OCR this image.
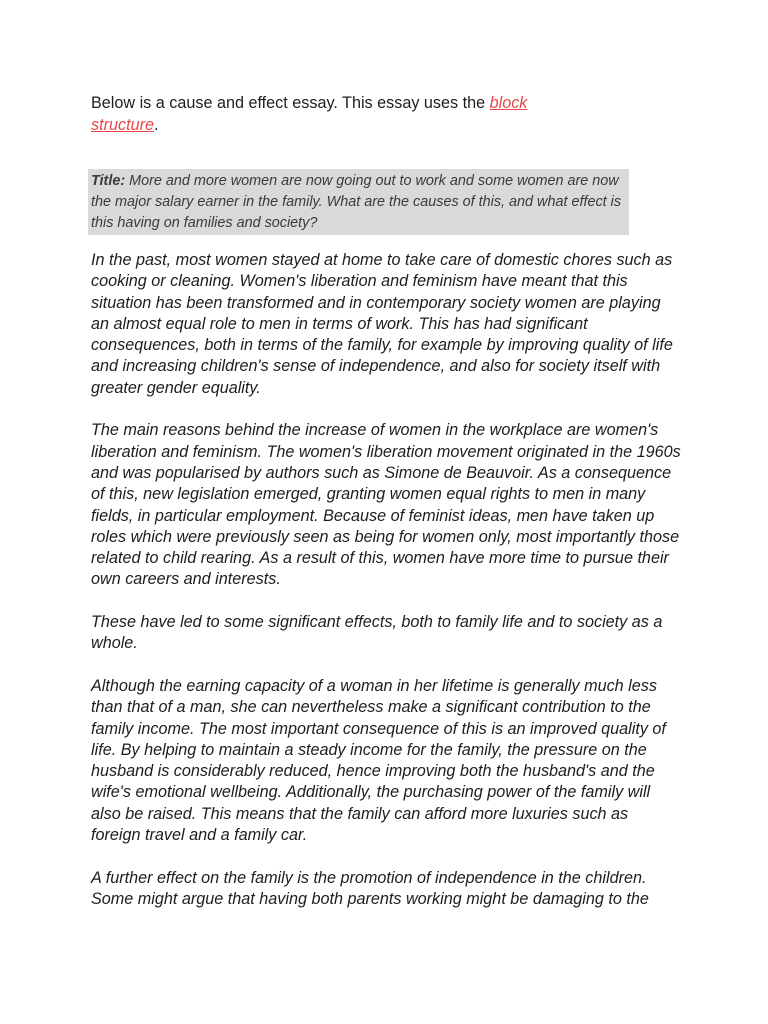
Below is a cause and effect essay. This essay uses the block structure.
Title: More and more women are now going out to work and some women are now the major salary earner in the family. What are the causes of this, and what effect is this having on families and society?

In the past, most women stayed at home to take care of domestic chores such as cooking or cleaning. Women's liberation and feminism have meant that this situation has been transformed and in contemporary society women are playing an almost equal role to men in terms of work. This has had significant consequences, both in terms of the family, for example by improving quality of life and increasing children's sense of independence, and also for society itself with greater gender equality.

The main reasons behind the increase of women in the workplace are women's liberation and feminism. The women's liberation movement originated in the 1960s and was popularised by authors such as Simone de Beauvoir. As a consequence of this, new legislation emerged, granting women equal rights to men in many fields, in particular employment. Because of feminist ideas, men have taken up roles which were previously seen as being for women only, most importantly those related to child rearing. As a result of this, women have more time to pursue their own careers and interests.

These have led to some significant effects, both to family life and to society as a whole.

Although the earning capacity of a woman in her lifetime is generally much less than that of a man, she can nevertheless make a significant contribution to the family income. The most important consequence of this is an improved quality of life. By helping to maintain a steady income for the family, the pressure on the husband is considerably reduced, hence improving both the husband's and the wife's emotional wellbeing. Additionally, the purchasing power of the family will also be raised. This means that the family can afford more luxuries such as foreign travel and a family car.

A further effect on the family is the promotion of independence in the children. Some might argue that having both parents working might be damaging to the
